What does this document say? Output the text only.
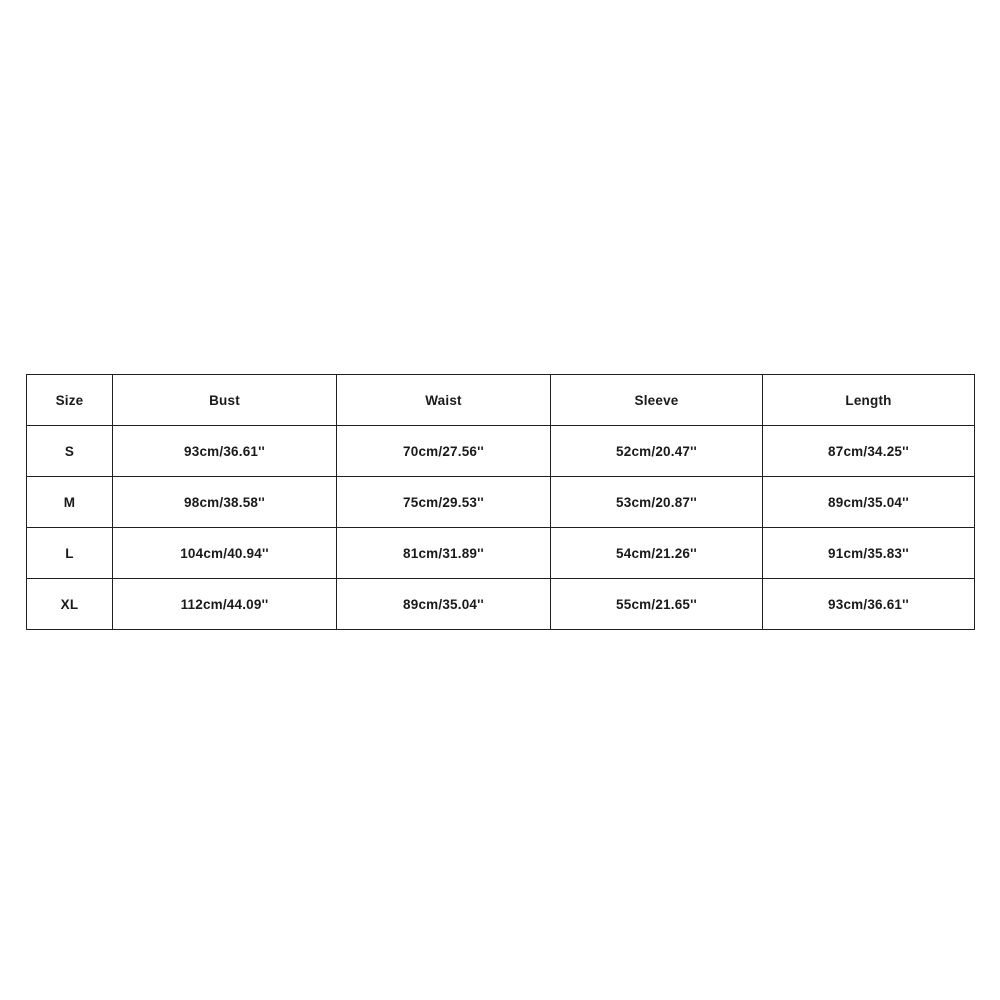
Size	Bust	Waist	Sleeve	Length
S	93cm/36.61''	70cm/27.56''	52cm/20.47''	87cm/34.25''
M	98cm/38.58''	75cm/29.53''	53cm/20.87''	89cm/35.04''
L	104cm/40.94''	81cm/31.89''	54cm/21.26''	91cm/35.83''
XL	112cm/44.09''	89cm/35.04''	55cm/21.65''	93cm/36.61''
